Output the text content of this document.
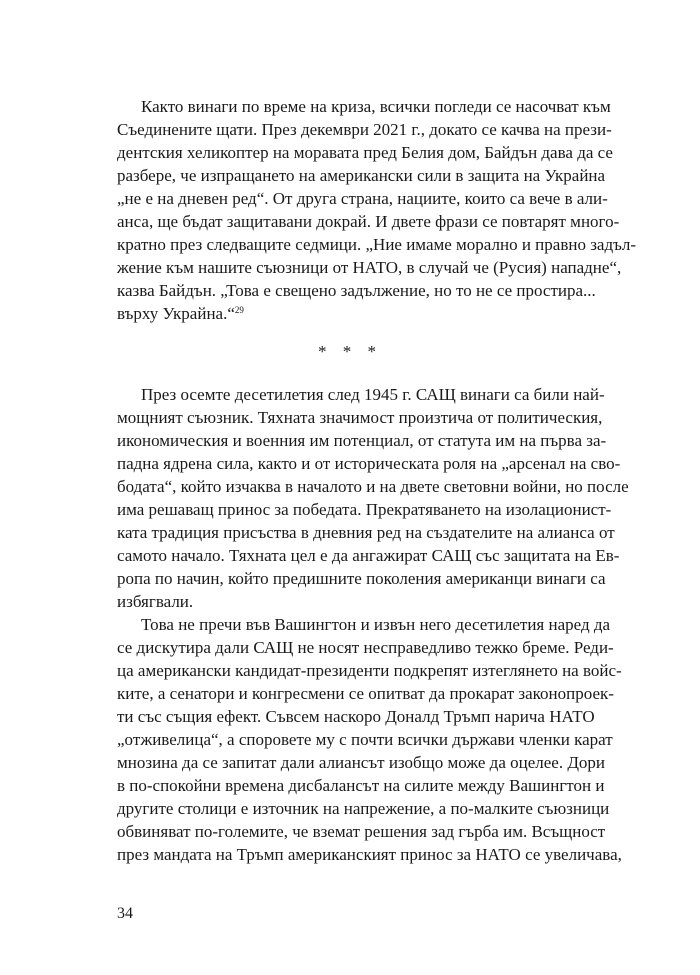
Както винаги по време на криза, всички погледи се насочват към
Съединените щати. През декември 2021 г., докато се качва на прези-
дентския хеликоптер на моравата пред Белия дом, Байдън дава да се
разбере, че изпращането на американски сили в защита на Украйна
„не е на дневен ред“. От друга страна, нациите, които са вече в али-
анса, ще бъдат защитавани докрай. И двете фрази се повтарят много-
кратно през следващите седмици. „Ние имаме морално и правно задъл-
жение към нашите съюзници от НАТО, в случай че (Русия) нападне“,
казва Байдън. „Това е свещено задължение, но то не се простира...
върху Украйна.“$^{29}$
* * *
През осемте десетилетия след 1945 г. САЩ винаги са били най-
мощният съюзник. Тяхната значимост произтича от политическия,
икономическия и военния им потенциал, от статута им на първа за-
падна ядрена сила, както и от историческата роля на „арсенал на сво-
бодата“, който изчаква в началото и на двете световни войни, но после
има решаващ принос за победата. Прекратяването на изолационист-
ката традиция присъства в дневния ред на създателите на алианса от
самото начало. Тяхната цел е да ангажират САЩ със защитата на Ев-
ропа по начин, който предишните поколения американци винаги са
избягвали.
Това не пречи във Вашингтон и извън него десетилетия наред да
се дискутира дали САЩ не носят несправедливо тежко бреме. Реди-
ца американски кандидат-президенти подкрепят изтеглянето на войс-
ките, а сенатори и конгресмени се опитват да прокарат законопроек-
ти със същия ефект. Съвсем наскоро Доналд Тръмп нарича НАТО
„отживелица“, а споровете му с почти всички държави членки карат
мнозина да се запитат дали алиансът изобщо може да оцелее. Дори
в по-спокойни времена дисбалансът на силите между Вашингтон и
другите столици е източник на напрежение, а по-малките съюзници
обвиняват по-големите, че вземат решения зад гърба им. Всъщност
през мандата на Тръмп американският принос за НАТО се увеличава,
34
